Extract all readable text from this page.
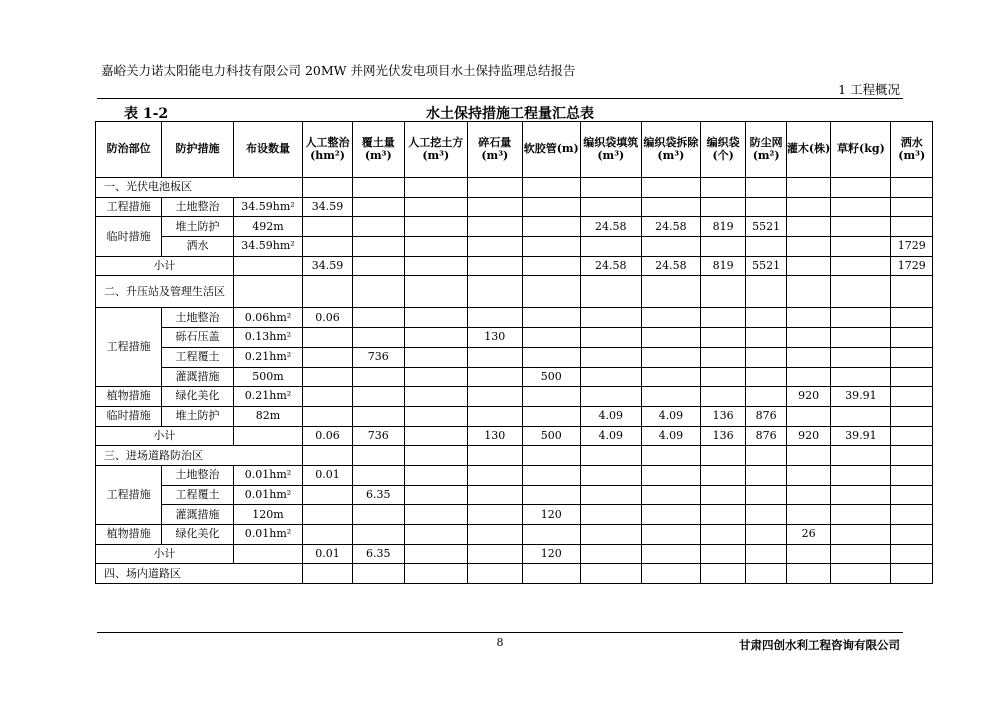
嘉峪关力诺太阳能电力科技有限公司 20MW 并网光伏发电项目水土保持监理总结报告
1 工程概况
表 1-2	水土保持措施工程量汇总表
防治部位	防护措施	布设数量	人工整治(hm²)	覆土量(m³)	人工挖土方(m³)	碎石量(m³)	软胶管(m)	编织袋填筑(m³)	编织袋拆除(m³)	编织袋(个)	防尘网(m²)	灌木(株)	草籽(kg)	洒水(m³)
一、光伏电池板区														
工程措施	土地整治	34.59hm²	34.59											
临时措施	堆土防护	492m						24.58	24.58	819	5521			
	洒水	34.59hm²												1729
小计			34.59					24.58	24.58	819	5521			1729
二、升压站及管理生活区														
工程措施	土地整治	0.06hm²	0.06											
	砾石压盖	0.13hm²				130								
	工程覆土	0.21hm²		736										
	灌溉措施	500m					500							
植物措施	绿化美化	0.21hm²										920	39.91	
临时措施	堆土防护	82m						4.09	4.09	136	876			
小计			0.06	736		130	500	4.09	4.09	136	876	920	39.91	
三、进场道路防治区														
工程措施	土地整治	0.01hm²	0.01											
	工程覆土	0.01hm²		6.35										
	灌溉措施	120m					120							
植物措施	绿化美化	0.01hm²										26		
小计			0.01	6.35			120							
四、场内道路区														
8	甘肃四创水利工程咨询有限公司
